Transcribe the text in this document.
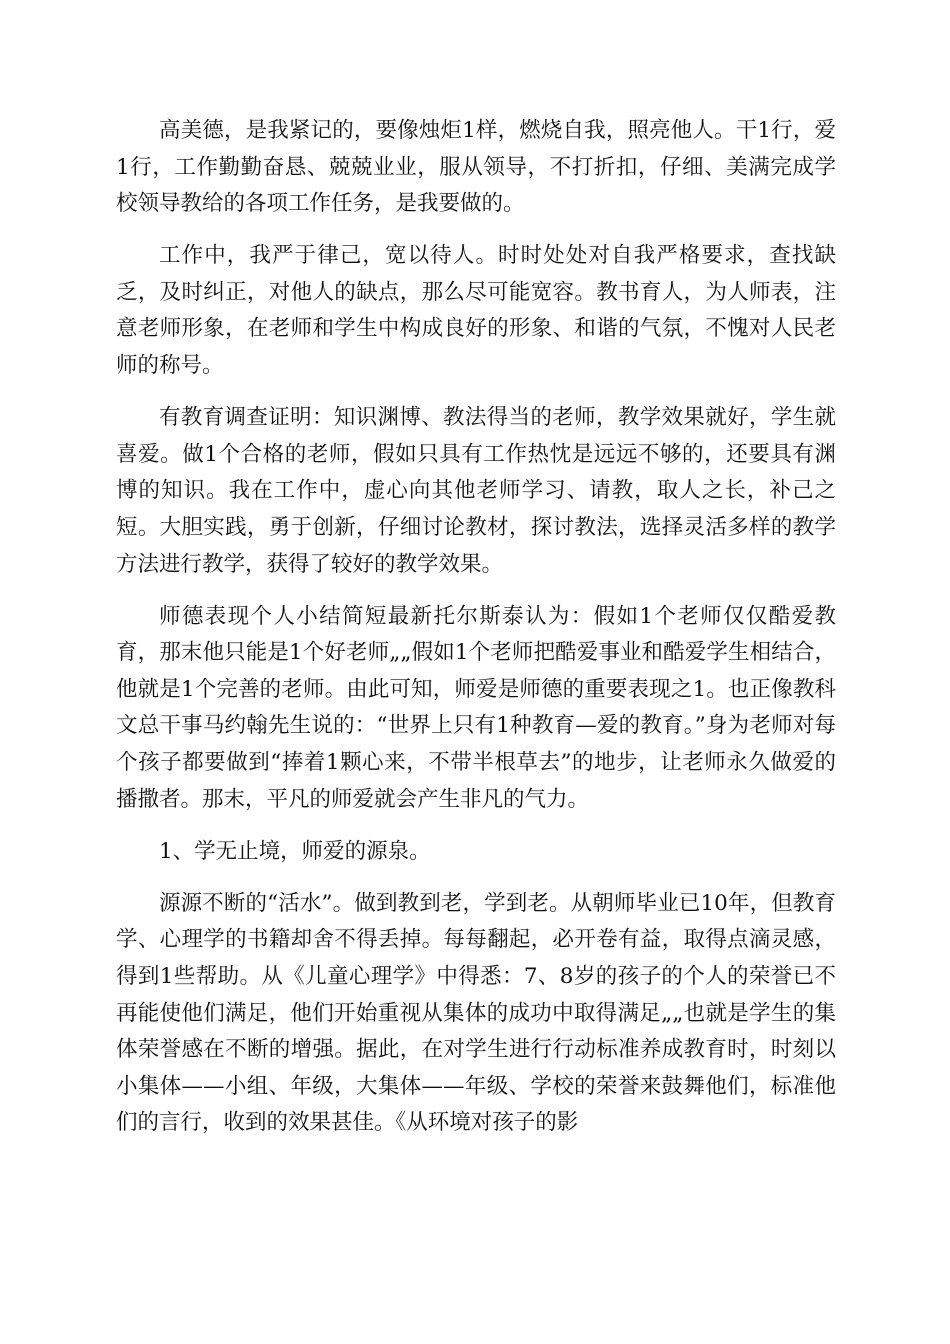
高美德，是我紧记的，要像烛炬1样，燃烧自我，照亮他人。干1行，爱1行，工作勤勤奋恳、兢兢业业，服从领导，不打折扣，仔细、美满完成学校领导教给的各项工作任务，是我要做的。

工作中，我严于律己，宽以待人。时时处处对自我严格要求，查找缺乏，及时纠正，对他人的缺点，那么尽可能宽容。教书育人，为人师表，注意老师形象，在老师和学生中构成良好的形象、和谐的气氛，不愧对人民老师的称号。

有教育调查证明：知识渊博、教法得当的老师，教学效果就好，学生就喜爱。做1个合格的老师，假如只具有工作热忱是远远不够的，还要具有渊博的知识。我在工作中，虚心向其他老师学习、请教，取人之长，补己之短。大胆实践，勇于创新，仔细讨论教材，探讨教法，选择灵活多样的教学方法进行教学，获得了较好的教学效果。

师德表现个人小结简短最新托尔斯泰认为：假如1个老师仅仅酷爱教育，那末他只能是1个好老师„„假如1个老师把酷爱事业和酷爱学生相结合，他就是1个完善的老师。由此可知，师爱是师德的重要表现之1。也正像教科文总干事马约翰先生说的：“世界上只有1种教育—爱的教育。”身为老师对每个孩子都要做到“捧着1颗心来，不带半根草去”的地步，让老师永久做爱的播撒者。那末，平凡的师爱就会产生非凡的气力。

1、学无止境，师爱的源泉。

源源不断的“活水”。做到教到老，学到老。从朝师毕业已10年，但教育学、心理学的书籍却舍不得丢掉。每每翻起，必开卷有益，取得点滴灵感，得到1些帮助。从《儿童心理学》中得悉：7、8岁的孩子的个人的荣誉已不再能使他们满足，他们开始重视从集体的成功中取得满足„„也就是学生的集体荣誉感在不断的增强。据此，在对学生进行行动标准养成教育时，时刻以小集体——小组、年级，大集体——年级、学校的荣誉来鼓舞他们，标准他们的言行，收到的效果甚佳。《从环境对孩子的影
